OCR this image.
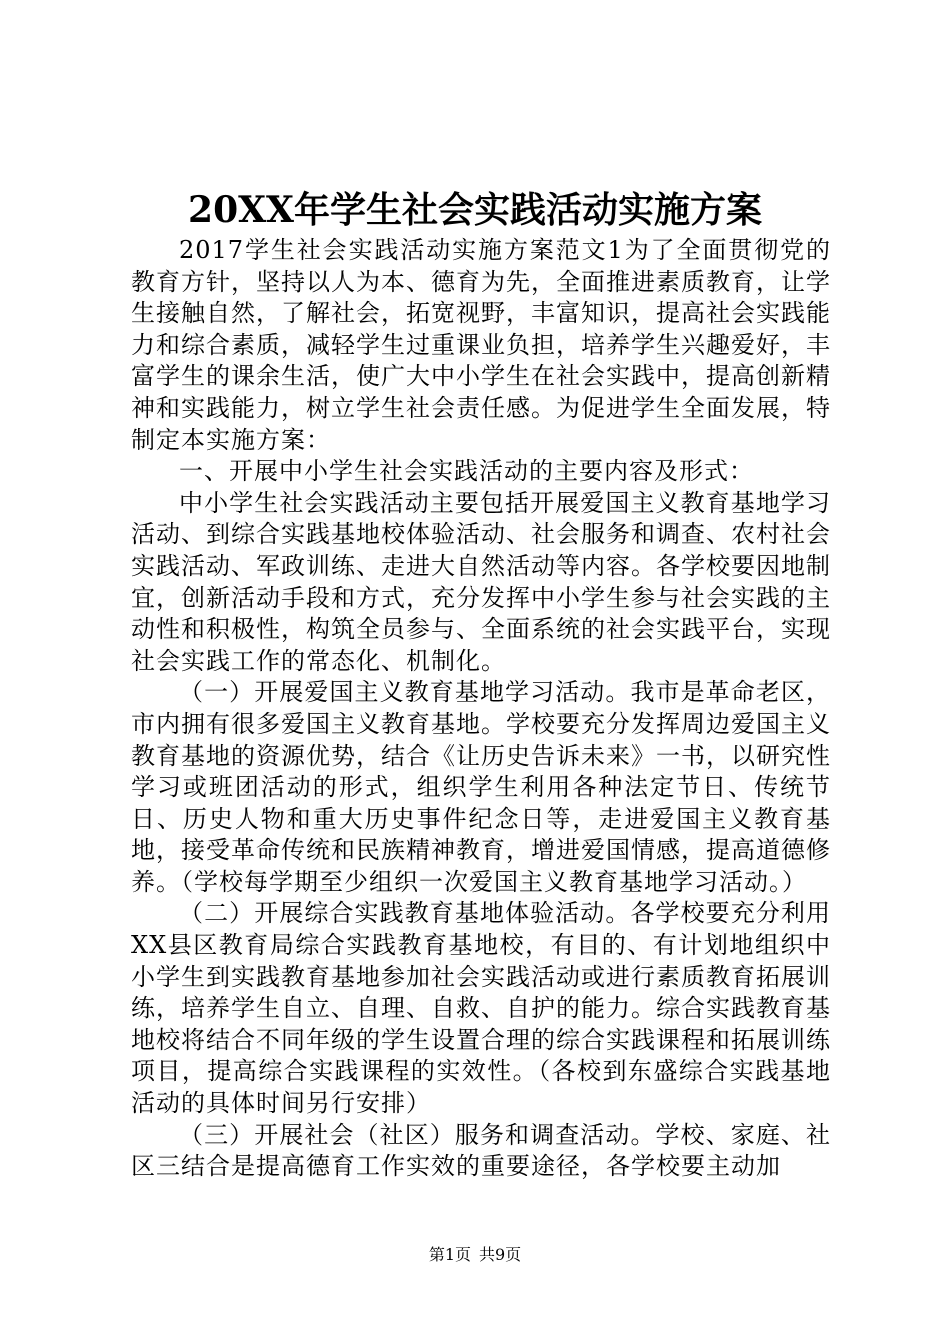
20XX年学生社会实践活动实施方案

2017学生社会实践活动实施方案范文1为了全面贯彻党的教育方针，坚持以人为本、德育为先，全面推进素质教育，让学生接触自然，了解社会，拓宽视野，丰富知识，提高社会实践能力和综合素质，减轻学生过重课业负担，培养学生兴趣爱好，丰富学生的课余生活，使广大中小学生在社会实践中，提高创新精神和实践能力，树立学生社会责任感。为促进学生全面发展，特制定本实施方案：

一、开展中小学生社会实践活动的主要内容及形式：

中小学生社会实践活动主要包括开展爱国主义教育基地学习活动、到综合实践基地校体验活动、社会服务和调查、农村社会实践活动、军政训练、走进大自然活动等内容。各学校要因地制宜，创新活动手段和方式，充分发挥中小学生参与社会实践的主动性和积极性，构筑全员参与、全面系统的社会实践平台，实现社会实践工作的常态化、机制化。

（一）开展爱国主义教育基地学习活动。我市是革命老区，市内拥有很多爱国主义教育基地。学校要充分发挥周边爱国主义教育基地的资源优势，结合《让历史告诉未来》一书，以研究性学习或班团活动的形式，组织学生利用各种法定节日、传统节日、历史人物和重大历史事件纪念日等，走进爱国主义教育基地，接受革命传统和民族精神教育，增进爱国情感，提高道德修养。（学校每学期至少组织一次爱国主义教育基地学习活动。）

（二）开展综合实践教育基地体验活动。各学校要充分利用XX县区教育局综合实践教育基地校，有目的、有计划地组织中小学生到实践教育基地参加社会实践活动或进行素质教育拓展训练，培养学生自立、自理、自救、自护的能力。综合实践教育基地校将结合不同年级的学生设置合理的综合实践课程和拓展训练项目，提高综合实践课程的实效性。（各校到东盛综合实践基地活动的具体时间另行安排）

（三）开展社会（社区）服务和调查活动。学校、家庭、社区三结合是提高德育工作实效的重要途径，各学校要主动加

第1页 共9页
